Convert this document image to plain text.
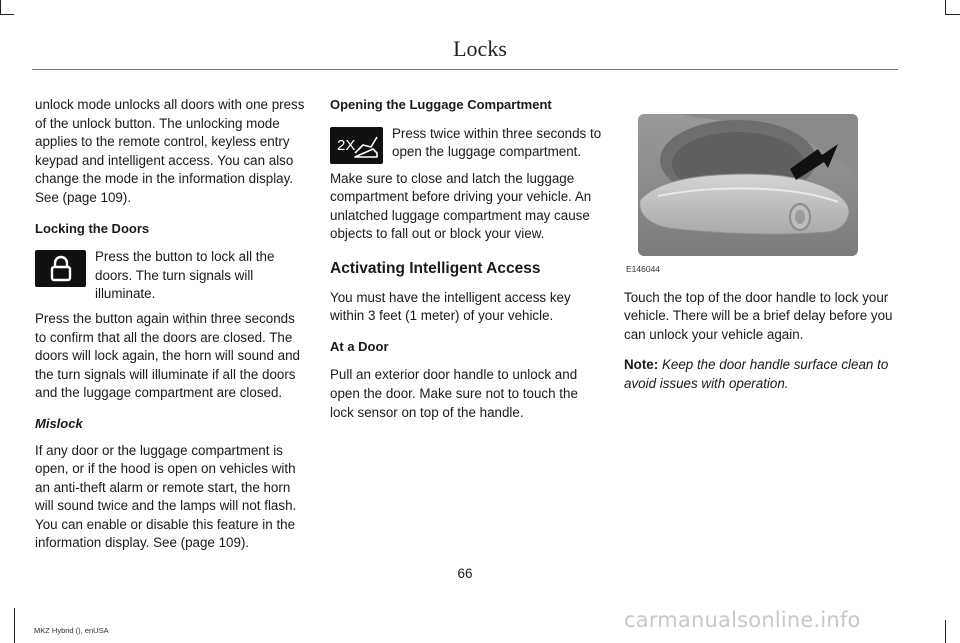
Locks

unlock mode unlocks all doors with one press of the unlock button. The unlocking mode applies to the remote control, keyless entry keypad and intelligent access. You can also change the mode in the information display. See (page 109).

Locking the Doors
Press the button to lock all the doors. The turn signals will illuminate.

Press the button again within three seconds to confirm that all the doors are closed. The doors will lock again, the horn will sound and the turn signals will illuminate if all the doors and the luggage compartment are closed.

Mislock

If any door or the luggage compartment is open, or if the hood is open on vehicles with an anti-theft alarm or remote start, the horn will sound twice and the lamps will not flash. You can enable or disable this feature in the information display. See (page 109).

Opening the Luggage Compartment
2X
Press twice within three seconds to open the luggage compartment.

Make sure to close and latch the luggage compartment before driving your vehicle. An unlatched luggage compartment may cause objects to fall out or block your view.

Activating Intelligent Access

You must have the intelligent access key within 3 feet (1 meter) of your vehicle.

At a Door

Pull an exterior door handle to unlock and open the door. Make sure not to touch the lock sensor on top of the handle.

E146044

Touch the top of the door handle to lock your vehicle. There will be a brief delay before you can unlock your vehicle again.

Note: Keep the door handle surface clean to avoid issues with operation.

66
MKZ Hybrid (), enUSA	carmanualsonline.info
